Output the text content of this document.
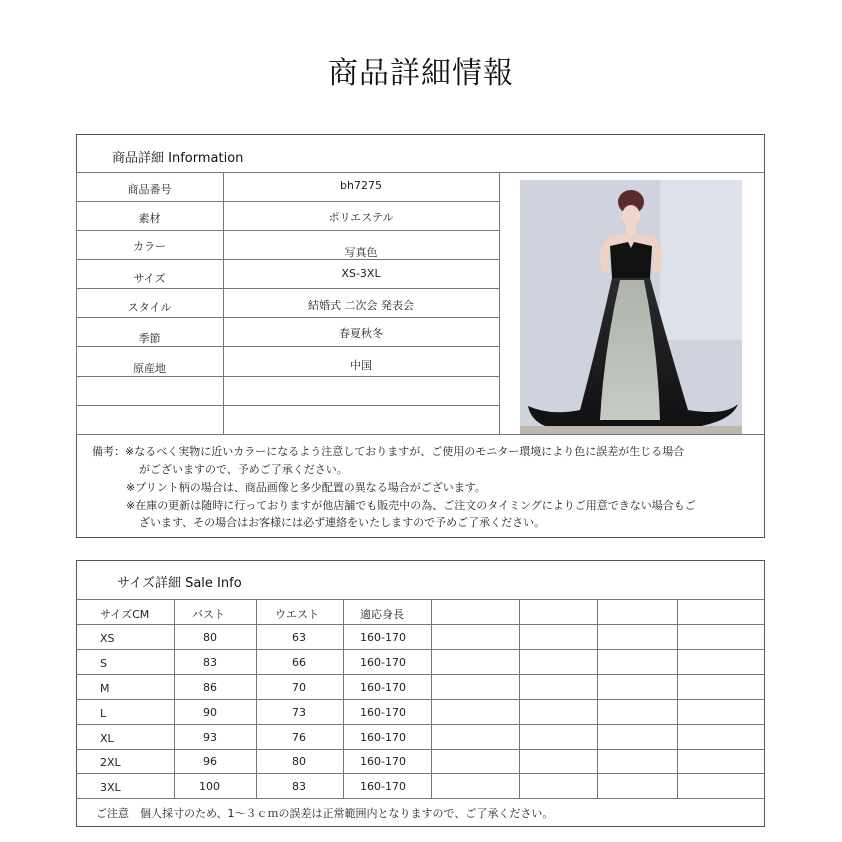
商品詳細情報
商品詳細 Information
商品番号	bh7275
素材	ポリエステル
カラー	写真色
サイズ	XS-3XL
スタイル	結婚式 二次会 発表会
季節	春夏秋冬
原産地	中国
備考：※なるべく実物に近いカラーになるよう注意しておりますが、ご使用のモニター環境により色に誤差が生じる場合
がございますので、予めご了承ください。
※プリント柄の場合は、商品画像と多少配置の異なる場合がございます。
※在庫の更新は随時に行っておりますが他店舗でも販売中の為、ご注文のタイミングによりご用意できない場合もご
ざいます、その場合はお客様には必ず連絡をいたしますので予めご了承ください。
サイズ詳細 Sale Info
サイズCM	バスト	ウエスト	適応身長
XS	80	63	160-170
S	83	66	160-170
M	86	70	160-170
L	90	73	160-170
XL	93	76	160-170
2XL	96	80	160-170
3XL	100	83	160-170
ご注意　個人採寸のため、1～３ｃｍの誤差は正常範囲内となりますので、ご了承ください。
